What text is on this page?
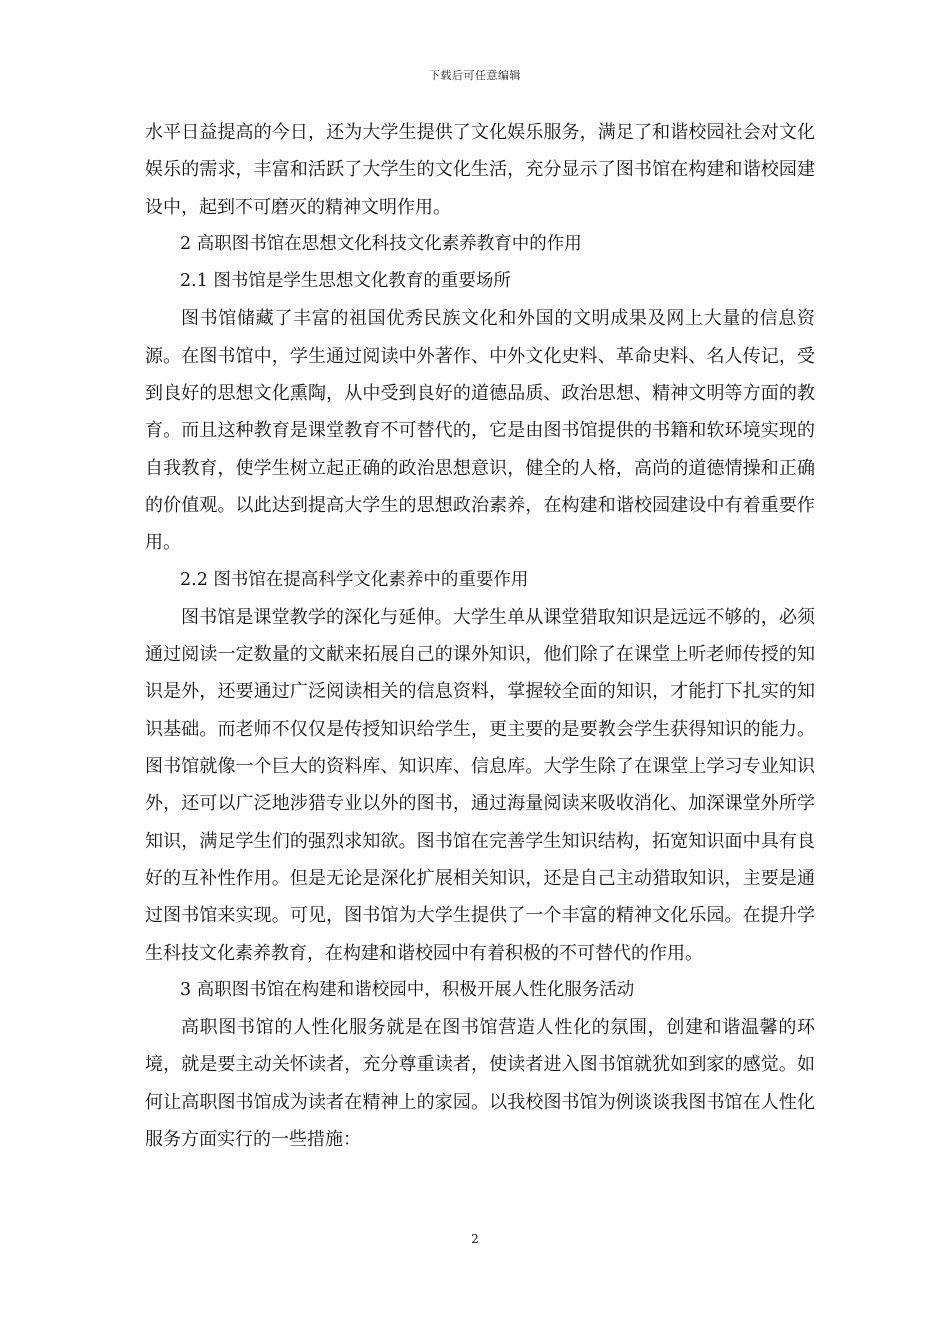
下载后可任意编辑

水平日益提高的今日，还为大学生提供了文化娱乐服务，满足了和谐校园社会对文化娱乐的需求，丰富和活跃了大学生的文化生活，充分显示了图书馆在构建和谐校园建设中，起到不可磨灭的精神文明作用。

2 高职图书馆在思想文化科技文化素养教育中的作用

2.1 图书馆是学生思想文化教育的重要场所

图书馆储藏了丰富的祖国优秀民族文化和外国的文明成果及网上大量的信息资源。在图书馆中，学生通过阅读中外著作、中外文化史料、革命史料、名人传记，受到良好的思想文化熏陶，从中受到良好的道德品质、政治思想、精神文明等方面的教育。而且这种教育是课堂教育不可替代的，它是由图书馆提供的书籍和软环境实现的自我教育，使学生树立起正确的政治思想意识，健全的人格，高尚的道德情操和正确的价值观。以此达到提高大学生的思想政治素养，在构建和谐校园建设中有着重要作用。

2.2 图书馆在提高科学文化素养中的重要作用

图书馆是课堂教学的深化与延伸。大学生单从课堂猎取知识是远远不够的，必须通过阅读一定数量的文献来拓展自己的课外知识，他们除了在课堂上听老师传授的知识是外，还要通过广泛阅读相关的信息资料，掌握较全面的知识，才能打下扎实的知识基础。而老师不仅仅是传授知识给学生，更主要的是要教会学生获得知识的能力。图书馆就像一个巨大的资料库、知识库、信息库。大学生除了在课堂上学习专业知识外，还可以广泛地涉猎专业以外的图书，通过海量阅读来吸收消化、加深课堂外所学知识，满足学生们的强烈求知欲。图书馆在完善学生知识结构，拓宽知识面中具有良好的互补性作用。但是无论是深化扩展相关知识，还是自己主动猎取知识，主要是通过图书馆来实现。可见，图书馆为大学生提供了一个丰富的精神文化乐园。在提升学生科技文化素养教育，在构建和谐校园中有着积极的不可替代的作用。

3 高职图书馆在构建和谐校园中，积极开展人性化服务活动

高职图书馆的人性化服务就是在图书馆营造人性化的氛围，创建和谐温馨的环境，就是要主动关怀读者，充分尊重读者，使读者进入图书馆就犹如到家的感觉。如何让高职图书馆成为读者在精神上的家园。以我校图书馆为例谈谈我图书馆在人性化服务方面实行的一些措施：

2
